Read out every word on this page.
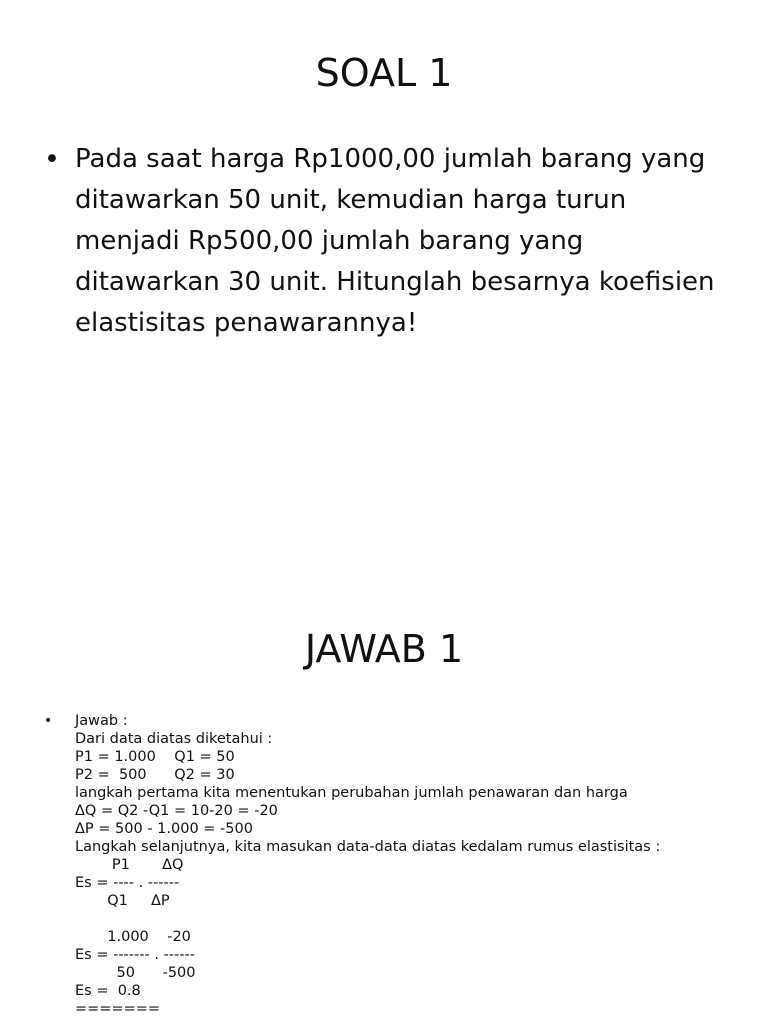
SOAL 1
• Pada saat harga Rp1000,00 jumlah barang yang ditawarkan 50 unit, kemudian harga turun menjadi Rp500,00 jumlah barang yang ditawarkan 30 unit. Hitunglah besarnya koefisien elastisitas penawarannya!

JAWAB 1
•	Jawab :
Dari data diatas diketahui :
P1 = 1.000    Q1 = 50
P2 =  500      Q2 = 30
langkah pertama kita menentukan perubahan jumlah penawaran dan harga
ΔQ = Q2 -Q1 = 10-20 = -20
ΔP = 500 - 1.000 = -500
Langkah selanjutnya, kita masukan data-data diatas kedalam rumus elastisitas :
P1       ΔQ
Es = ---- . ------
Q1     ΔP
1.000    -20
Es = ------- . ------
50      -500
Es =  0.8
=======
